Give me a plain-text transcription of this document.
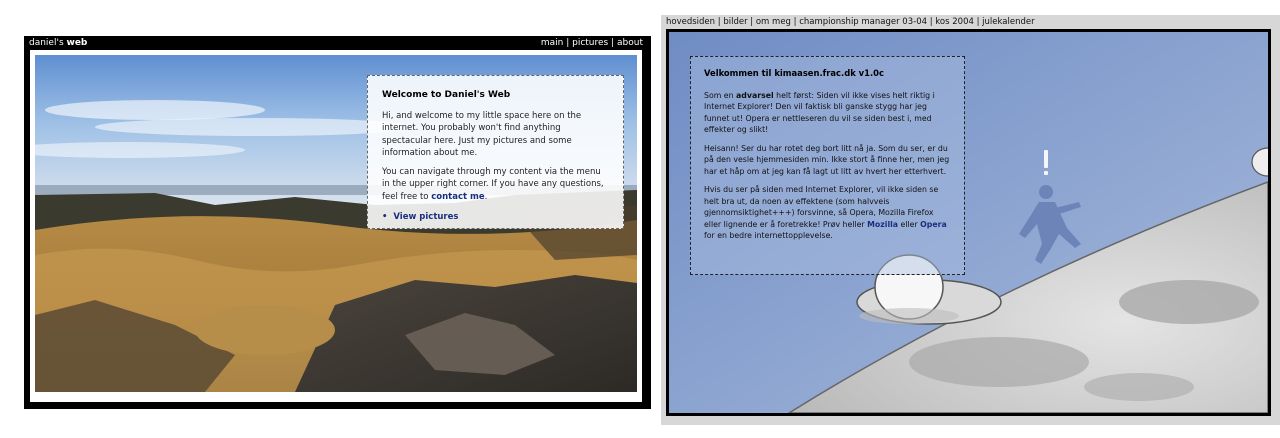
daniel's web	main | pictures | about
Welcome to Daniel's Web

Hi, and welcome to my little space here on the internet. You probably won't find anything spectacular here. Just my pictures and some information about me.

You can navigate through my content via the menu in the upper right corner. If you have any questions, feel free to contact me.

• View pictures
hovedsiden | bilder | om meg | championship manager 03-04 | kos 2004 | julekalender
Velkommen til kimaasen.frac.dk v1.0c

Som en advarsel helt først: Siden vil ikke vises helt riktig i Internet Explorer! Den vil faktisk bli ganske stygg har jeg funnet ut! Opera er nettleseren du vil se siden best i, med effekter og slikt!

Heisann! Ser du har rotet deg bort litt nå ja. Som du ser, er du på den vesle hjemmesiden min. Ikke stort å finne her, men jeg har et håp om at jeg kan få lagt ut litt av hvert her etterhvert.

Hvis du ser på siden med Internet Explorer, vil ikke siden se helt bra ut, da noen av effektene (som halvveis gjennomsiktighet+++) forsvinne, så Opera, Mozilla Firefox eller lignende er å foretrekke! Prøv heller Mozilla eller Opera for en bedre internettopplevelse.
